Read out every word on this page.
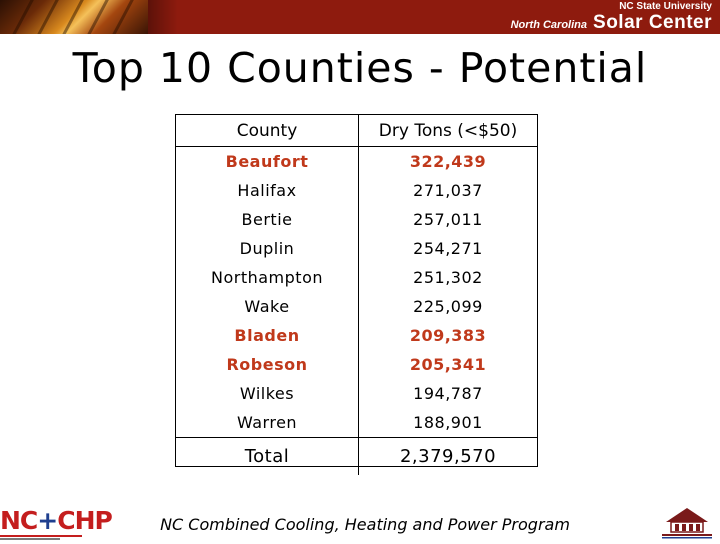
NC State University
North Carolina Solar Center
Top 10 Counties - Potential
County	Dry Tons (<$50)
Beaufort	322,439
Halifax	271,037
Bertie	257,011
Duplin	254,271
Northampton	251,302
Wake	225,099
Bladen	209,383
Robeson	205,341
Wilkes	194,787
Warren	188,901
Total	2,379,570
NC+CHP	NC Combined Cooling, Heating and Power Program
